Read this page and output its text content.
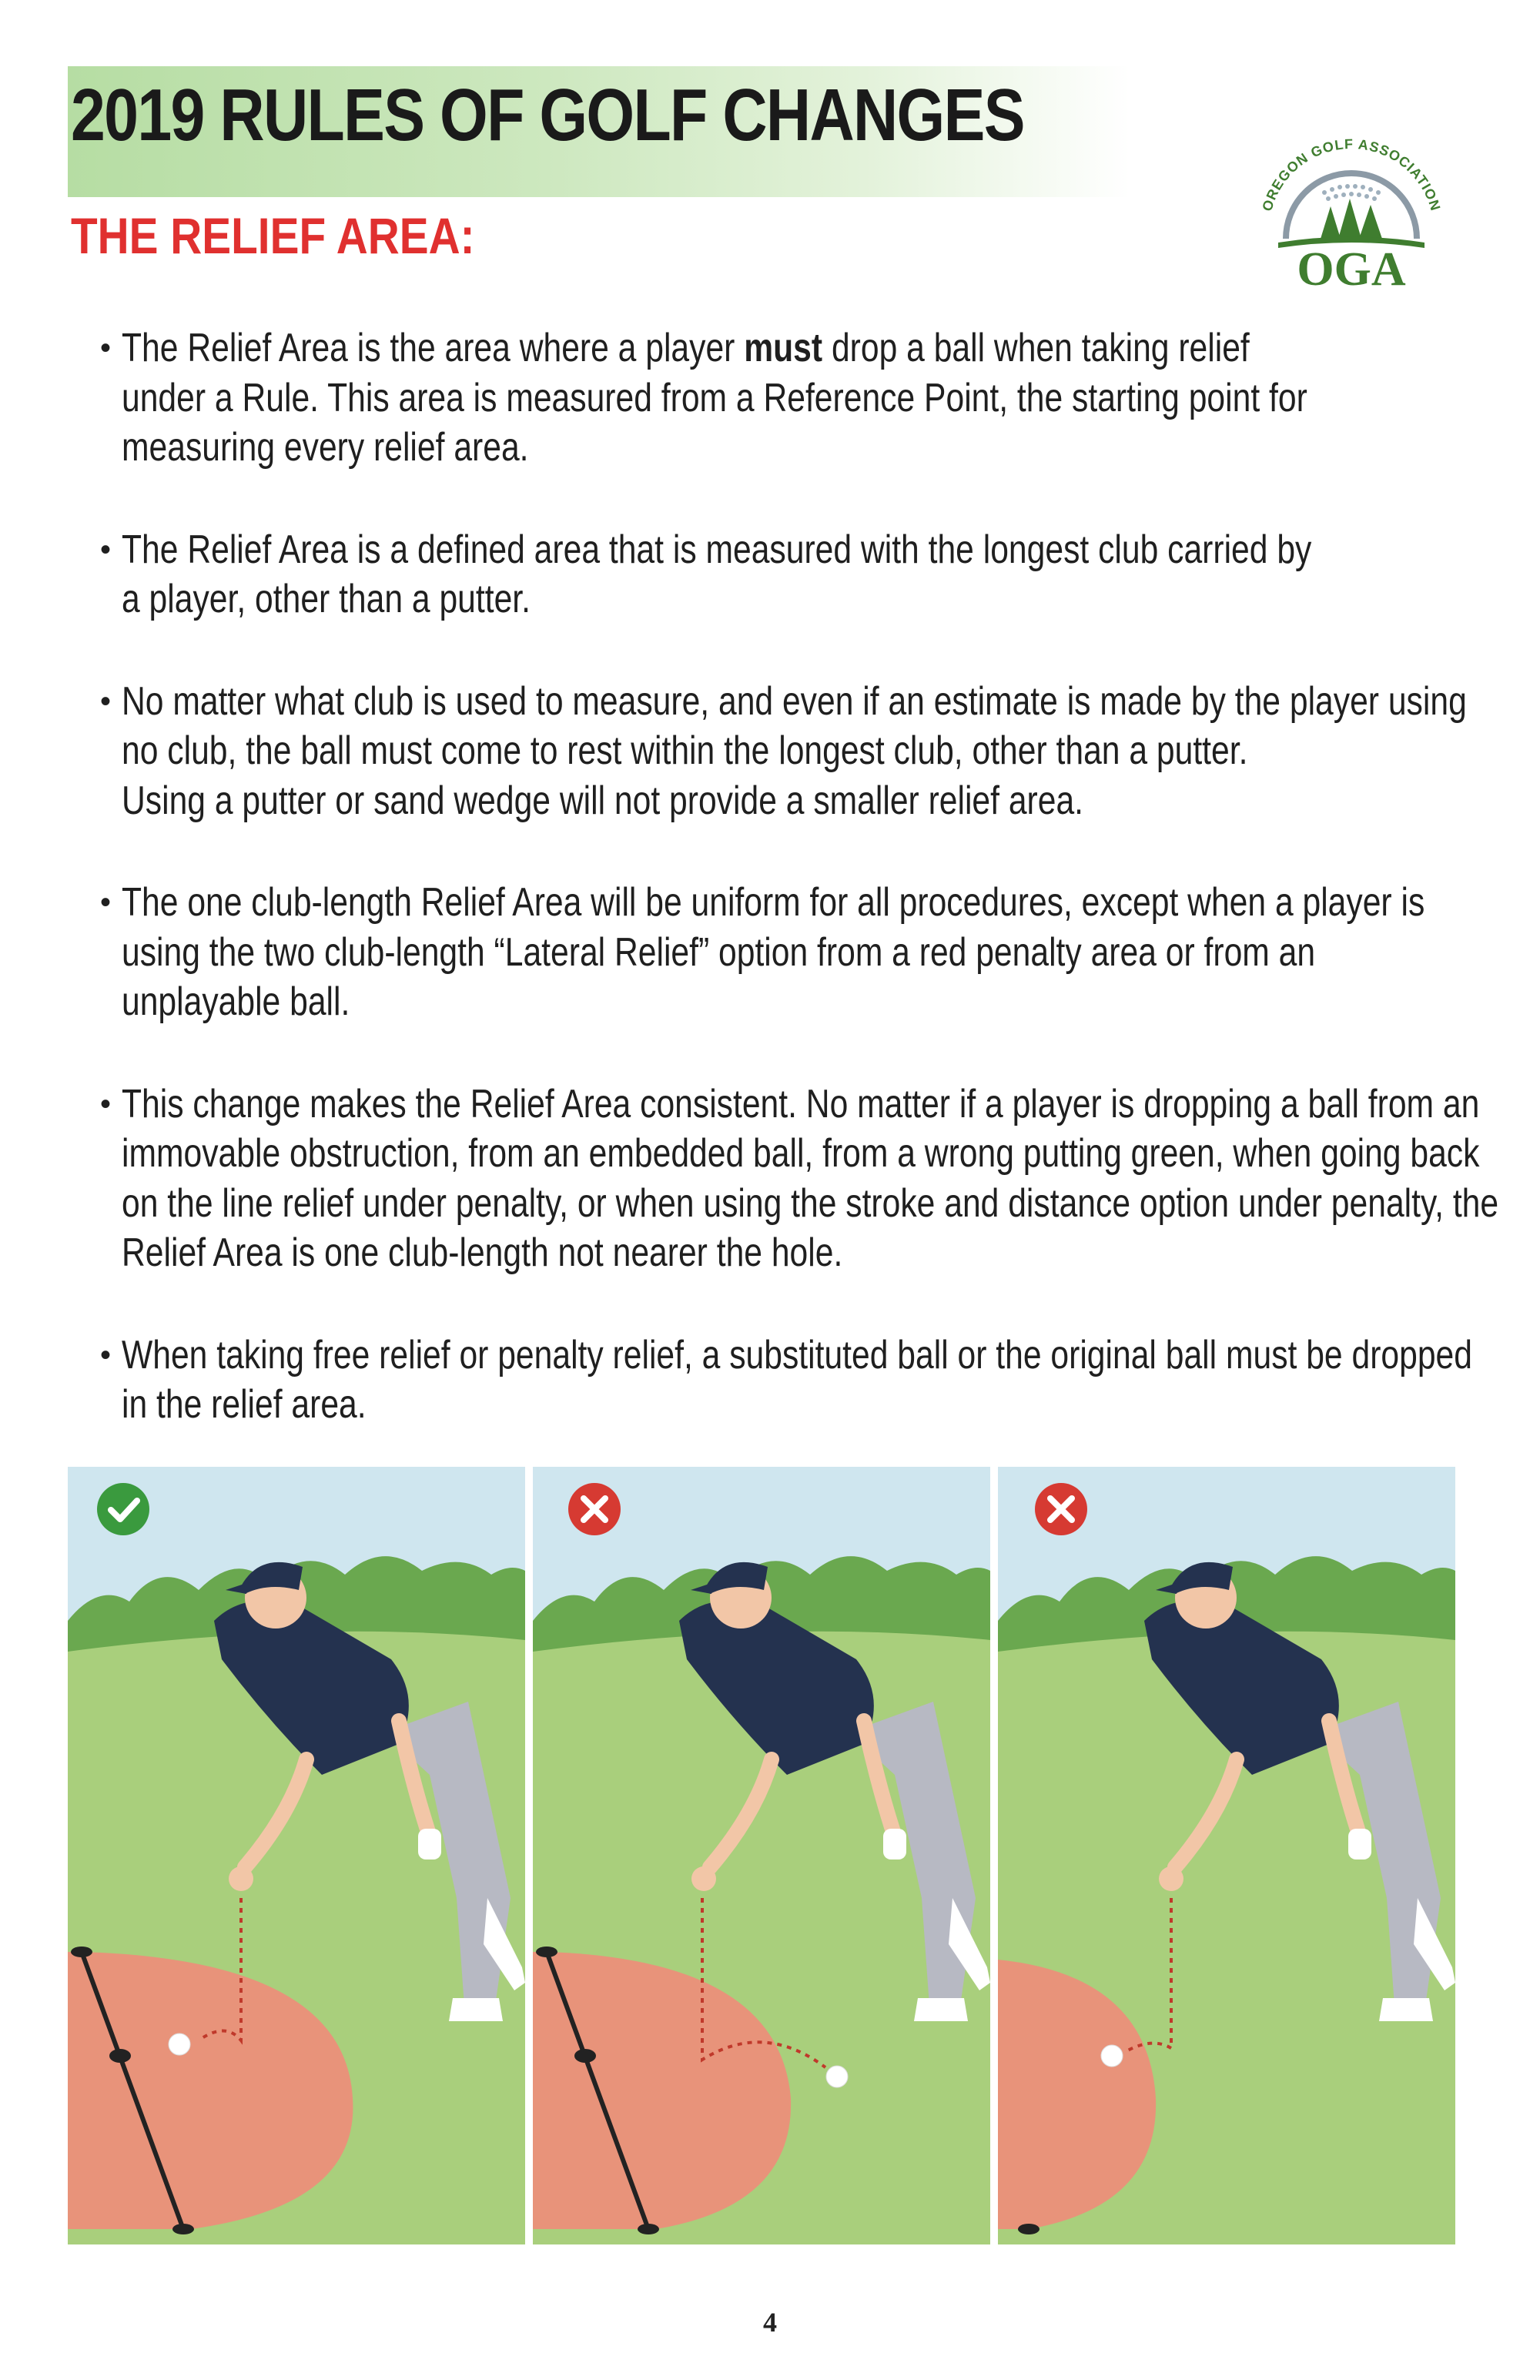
2019 RULES OF GOLF CHANGES
THE RELIEF AREA:
OREGON GOLF ASSOCIATION
OGA
• The Relief Area is the area where a player must drop a ball when taking relief
under a Rule. This area is measured from a Reference Point, the starting point for
measuring every relief area.
• The Relief Area is a defined area that is measured with the longest club carried by
a player, other than a putter.
• No matter what club is used to measure, and even if an estimate is made by the player using
no club, the ball must come to rest within the longest club, other than a putter.
Using a putter or sand wedge will not provide a smaller relief area.
• The one club-length Relief Area will be uniform for all procedures, except when a player is
using the two club-length “Lateral Relief” option from a red penalty area or from an
unplayable ball.
• This change makes the Relief Area consistent. No matter if a player is dropping a ball from an
immovable obstruction, from an embedded ball, from a wrong putting green, when going back
on the line relief under penalty, or when using the stroke and distance option under penalty, the
Relief Area is one club-length not nearer the hole.
• When taking free relief or penalty relief, a substituted ball or the original ball must be dropped
in the relief area.
4
